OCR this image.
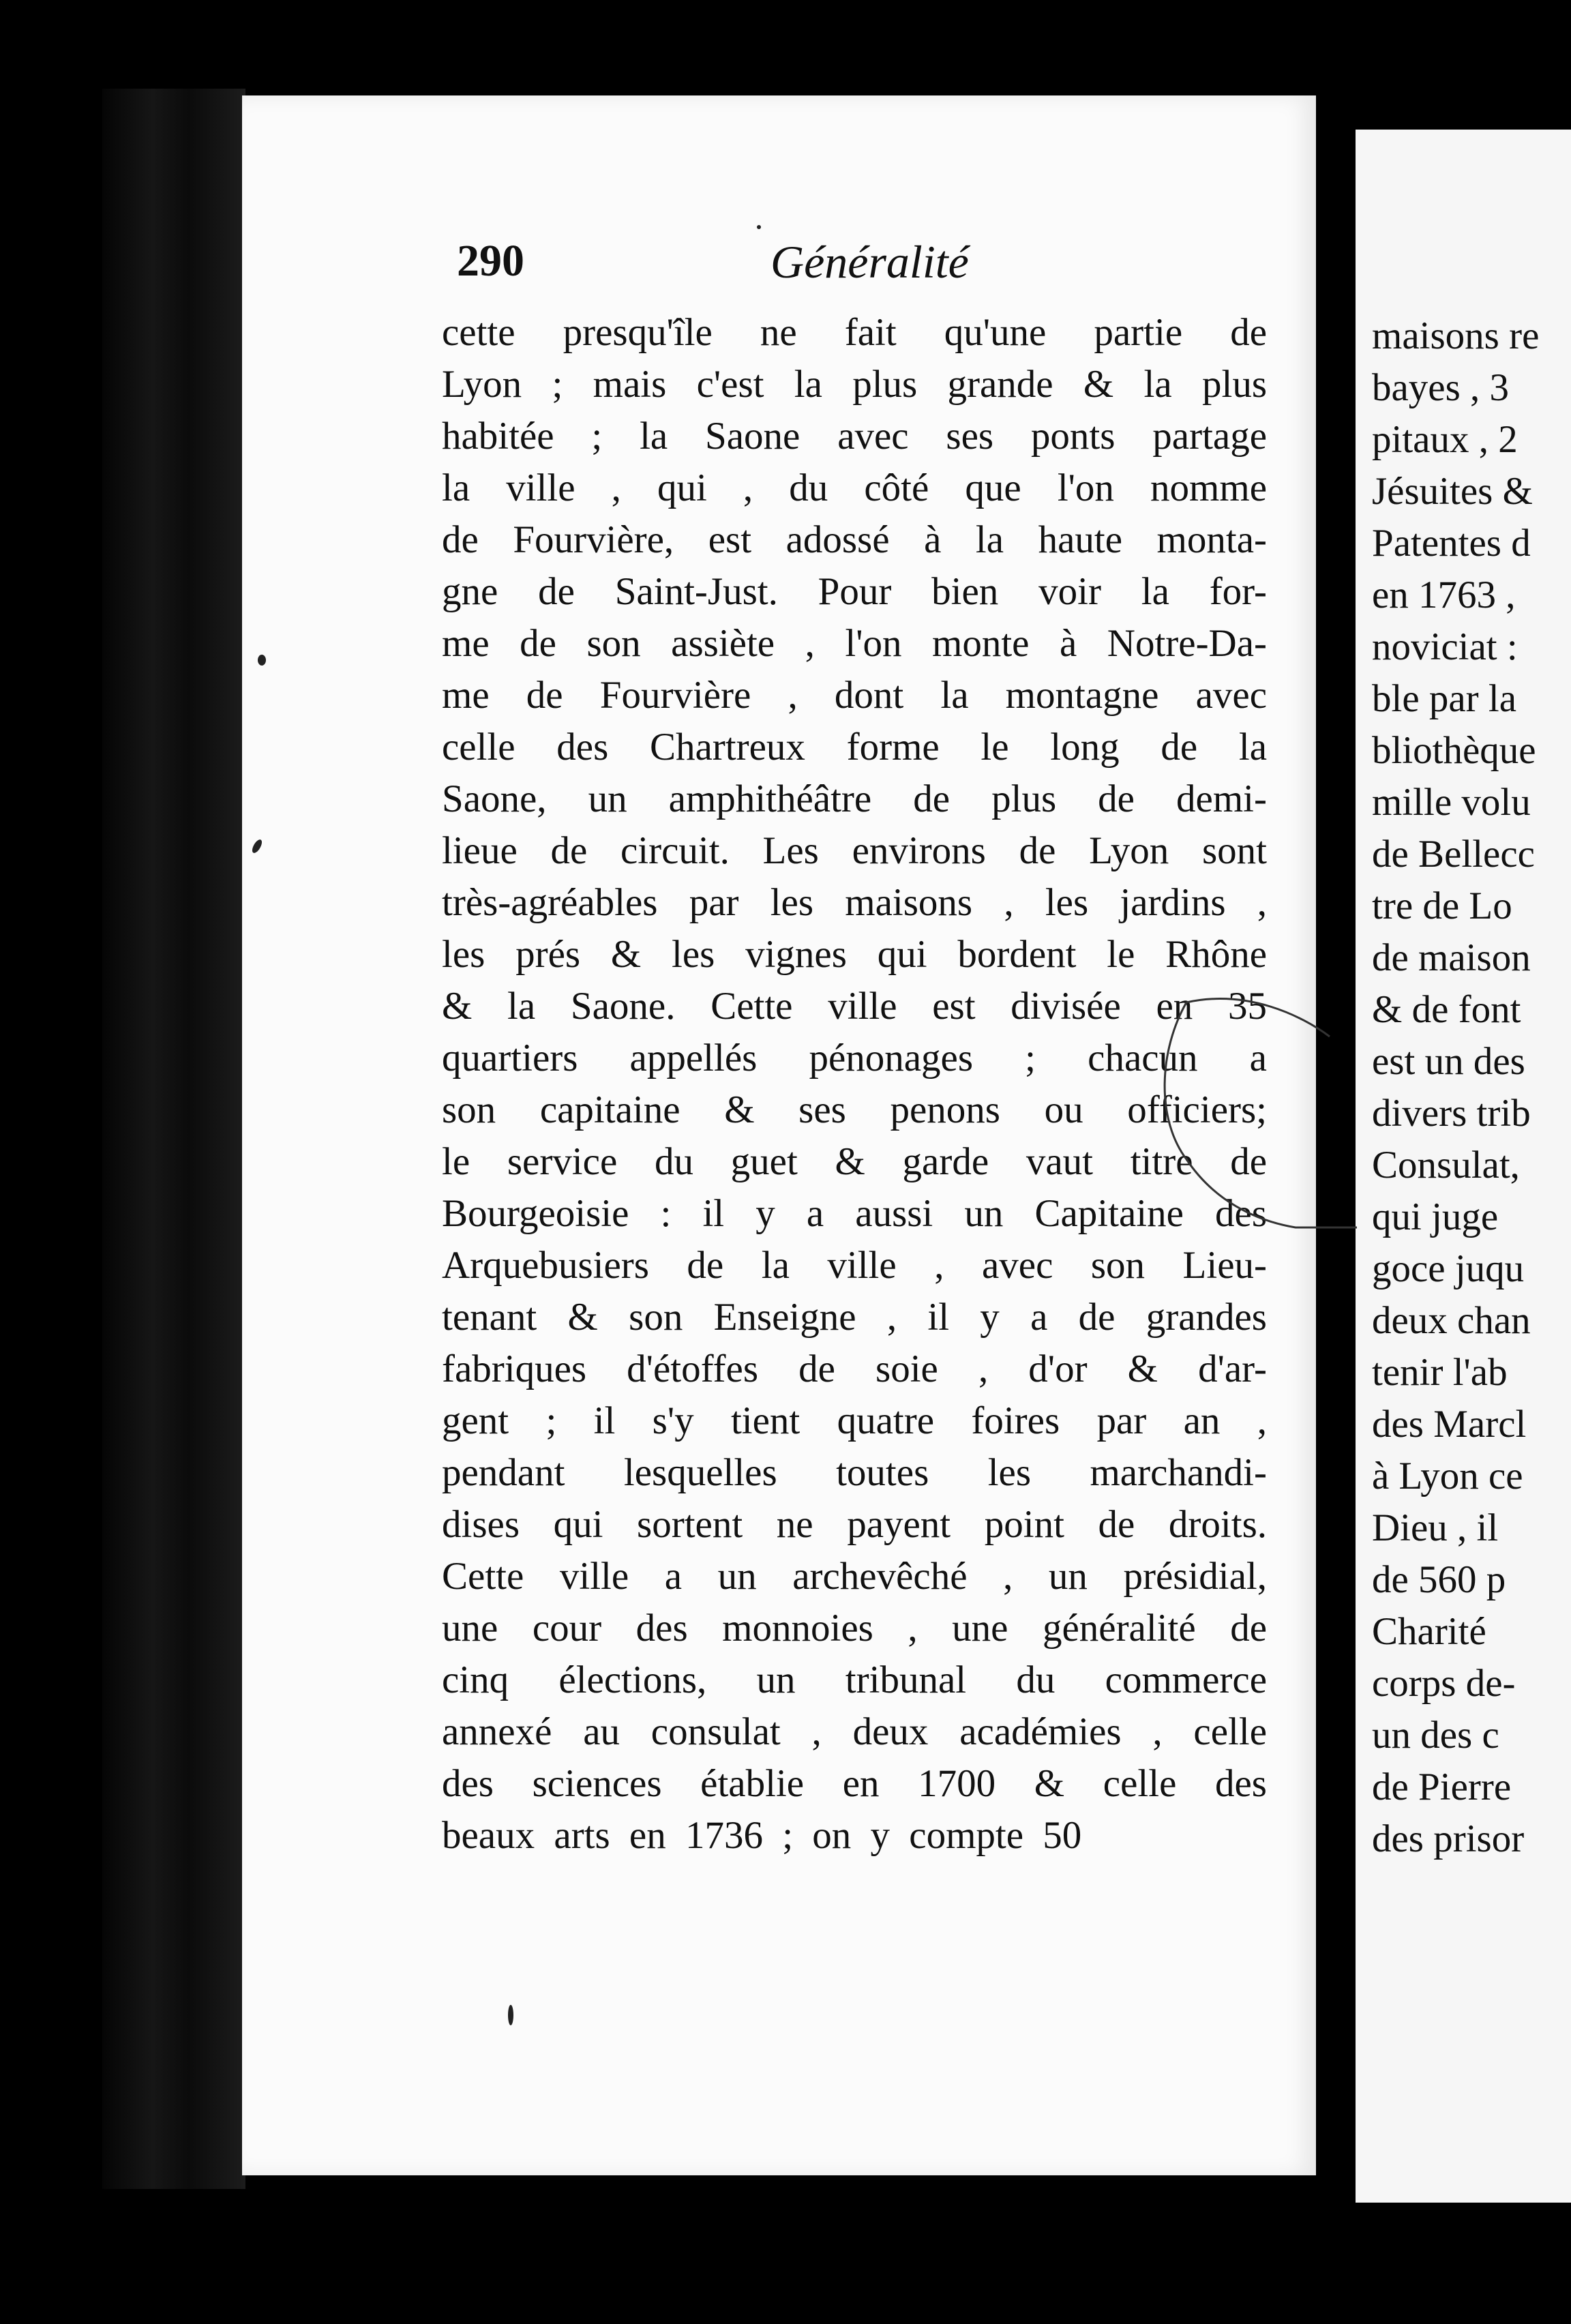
290	Généralité
cette presqu'île ne fait qu'une partie de
Lyon ; mais c'est la plus grande & la plus
habitée ; la Saone avec ses ponts partage
la ville , qui , du côté que l'on nomme
de Fourvière, est adossé à la haute monta-
gne de Saint-Just. Pour bien voir la for-
me de son assiète , l'on monte à Notre-Da-
me de Fourvière , dont la montagne avec
celle des Chartreux forme le long de la
Saone, un amphithéâtre de plus de demi-
lieue de circuit. Les environs de Lyon sont
très-agréables par les maisons , les jardins ,
les prés & les vignes qui bordent le Rhône
& la Saone. Cette ville est divisée en 35
quartiers appellés pénonages ; chacun a
son capitaine & ses penons ou officiers;
le service du guet & garde vaut titre de
Bourgeoisie : il y a aussi un Capitaine des
Arquebusiers de la ville , avec son Lieu-
tenant & son Enseigne , il y a de grandes
fabriques d'étoffes de soie , d'or & d'ar-
gent ; il s'y tient quatre foires par an ,
pendant lesquelles toutes les marchandi-
dises qui sortent ne payent point de droits.
Cette ville a un archevêché , un présidial,
une cour des monnoies , une généralité de
cinq élections, un tribunal du commerce
annexé au consulat , deux académies , celle
des sciences établie en 1700 & celle des
beaux arts en 1736 ; on y compte 50
maisons re
bayes , 3
pitaux , 2
Jésuites &
Patentes d
en 1763 ,
noviciat :
ble par la
bliothèque
mille volu
de Bellecc
tre de Lo
de maison
& de font
est un des
divers trib
Consulat,
qui juge
goce juqu
deux chan
tenir l'ab
des Marcl
à Lyon ce
Dieu , il
de 560 p
Charité
corps de-
un des c
de Pierre
des prisor
